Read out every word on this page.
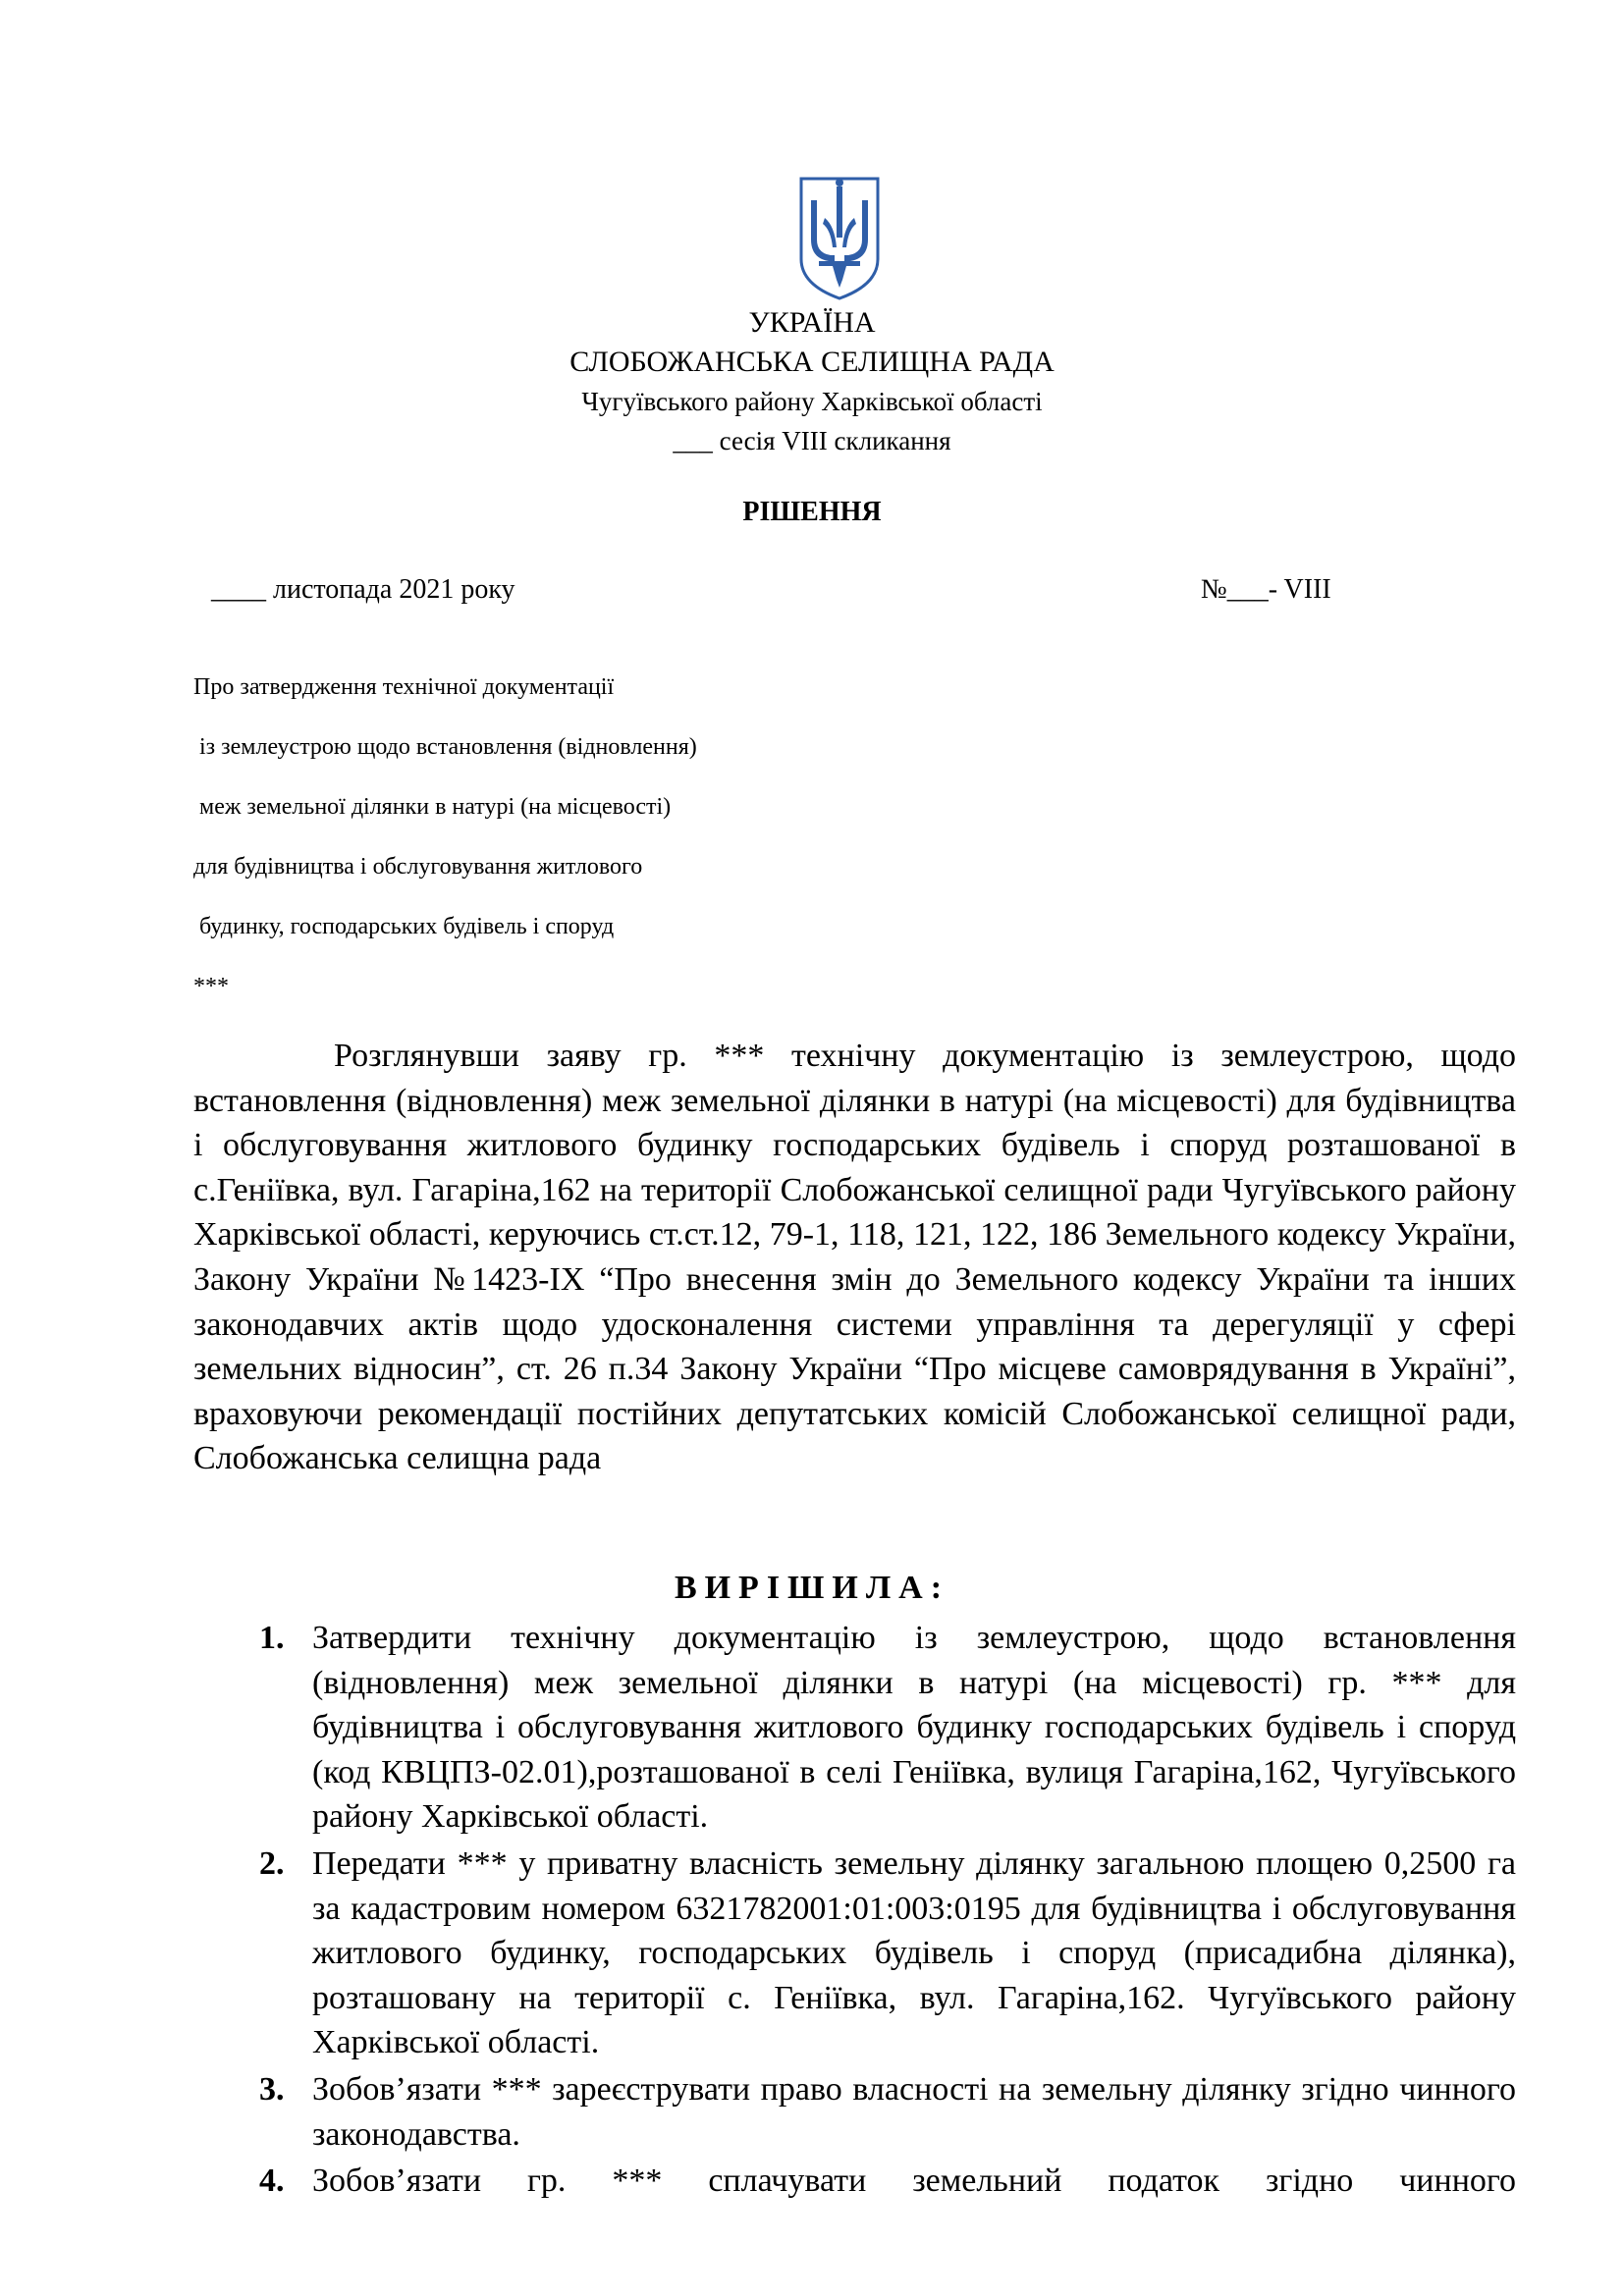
УКРАЇНА
СЛОБОЖАНСЬКА СЕЛИЩНА РАДА
Чугуївського району Харківської області
___ сесія VIII скликання
РІШЕННЯ
____ листопада 2021 року	№___- VIII
Про затвердження технічної документації
із землеустрою щодо встановлення (відновлення)
меж земельної ділянки в натурі (на місцевості)
для будівництва і обслуговування житлового
будинку, господарських будівель і споруд
***

Розглянувши заяву гр. *** технічну документацію із землеустрою, щодо встановлення (відновлення) меж земельної ділянки в натурі (на місцевості) для будівництва і обслуговування житлового будинку господарських будівель і споруд розташованої в с.Геніївка, вул. Гагаріна,162 на території Слобожанської селищної ради Чугуївського району Харківської області, керуючись ст.ст.12, 79-1, 118, 121, 122, 186 Земельного кодексу України, Закону України №1423-IX “Про внесення змін до Земельного кодексу України та інших законодавчих актів щодо удосконалення системи управління та дерегуляції у сфері земельних відносин”, ст. 26 п.34 Закону України “Про місцеве самоврядування в Україні”, враховуючи рекомендації постійних депутатських комісій Слобожанської селищної ради, Слобожанська селищна рада

ВИРІШИЛА:
1. Затвердити технічну документацію із землеустрою, щодо встановлення (відновлення) меж земельної ділянки в натурі (на місцевості) гр. *** для будівництва і обслуговування житлового будинку господарських будівель і споруд (код КВЦПЗ-02.01),розташованої в селі Геніївка, вулиця Гагаріна,162, Чугуївського району Харківської області.
2. Передати *** у приватну власність земельну ділянку загальною площею 0,2500 га за кадастровим номером 6321782001:01:003:0195 для будівництва і обслуговування житлового будинку, господарських будівель і споруд (присадибна ділянка), розташовану на території с. Геніївка, вул. Гагаріна,162. Чугуївського району Харківської області.
3. Зобов’язати *** зареєструвати право власності на земельну ділянку згідно чинного законодавства.
4. Зобов’язати гр. *** сплачувати земельний податок згідно чинного
